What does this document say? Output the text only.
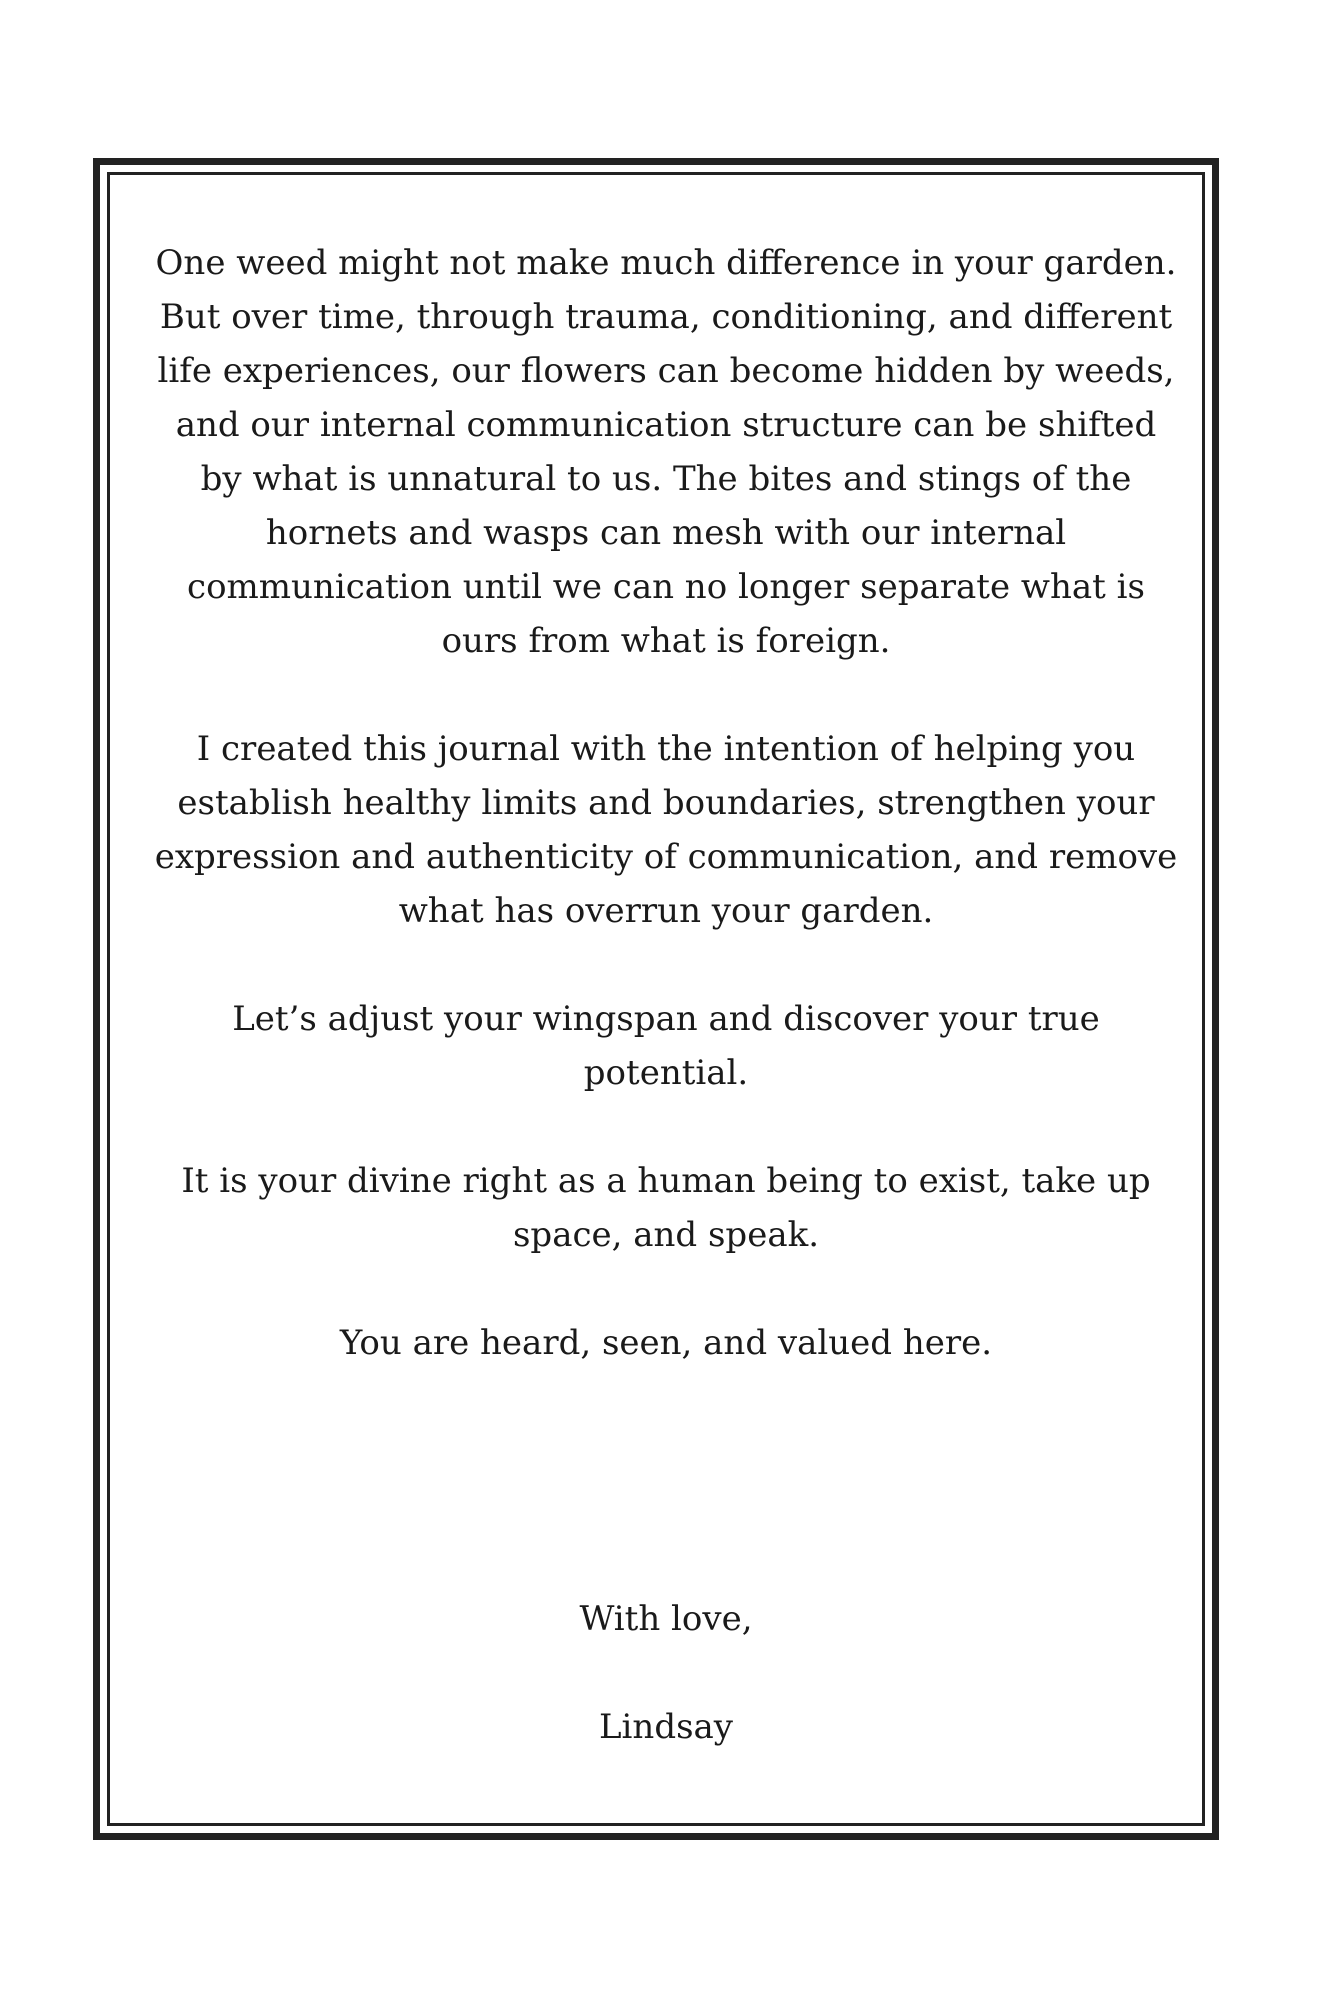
One weed might not make much difference in your garden. But over time, through trauma, conditioning, and different life experiences, our flowers can become hidden by weeds, and our internal communication structure can be shifted by what is unnatural to us. The bites and stings of the hornets and wasps can mesh with our internal communication until we can no longer separate what is ours from what is foreign.

I created this journal with the intention of helping you establish healthy limits and boundaries, strengthen your expression and authenticity of communication, and remove what has overrun your garden.

Let’s adjust your wingspan and discover your true potential.

It is your divine right as a human being to exist, take up space, and speak.

You are heard, seen, and valued here.

With love,

Lindsay
